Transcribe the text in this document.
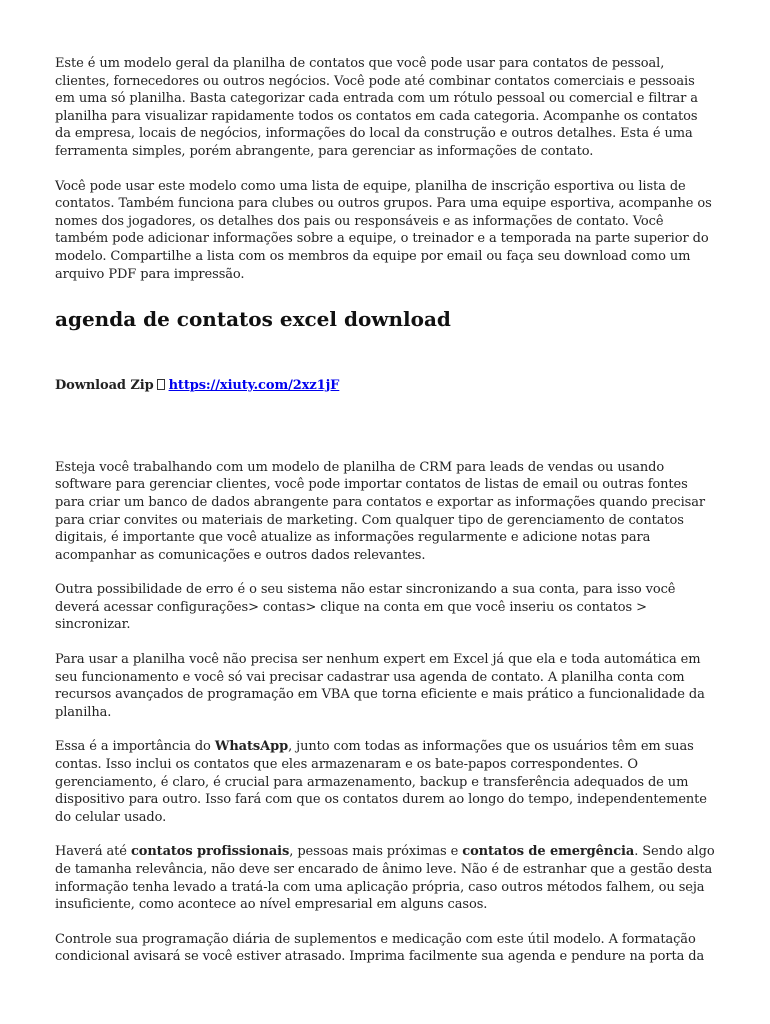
Este é um modelo geral da planilha de contatos que você pode usar para contatos de pessoal, clientes, fornecedores ou outros negócios. Você pode até combinar contatos comerciais e pessoais em uma só planilha. Basta categorizar cada entrada com um rótulo pessoal ou comercial e filtrar a planilha para visualizar rapidamente todos os contatos em cada categoria. Acompanhe os contatos da empresa, locais de negócios, informações do local da construção e outros detalhes. Esta é uma ferramenta simples, porém abrangente, para gerenciar as informações de contato.

Você pode usar este modelo como uma lista de equipe, planilha de inscrição esportiva ou lista de contatos. Também funciona para clubes ou outros grupos. Para uma equipe esportiva, acompanhe os nomes dos jogadores, os detalhes dos pais ou responsáveis e as informações de contato. Você também pode adicionar informações sobre a equipe, o treinador e a temporada na parte superior do modelo. Compartilhe a lista com os membros da equipe por email ou faça seu download como um arquivo PDF para impressão.

agenda de contatos excel download

Download Zip https://xiuty.com/2xz1jF

Esteja você trabalhando com um modelo de planilha de CRM para leads de vendas ou usando software para gerenciar clientes, você pode importar contatos de listas de email ou outras fontes para criar um banco de dados abrangente para contatos e exportar as informações quando precisar para criar convites ou materiais de marketing. Com qualquer tipo de gerenciamento de contatos digitais, é importante que você atualize as informações regularmente e adicione notas para acompanhar as comunicações e outros dados relevantes.

Outra possibilidade de erro é o seu sistema não estar sincronizando a sua conta, para isso você deverá acessar configurações> contas> clique na conta em que você inseriu os contatos > sincronizar.

Para usar a planilha você não precisa ser nenhum expert em Excel já que ela e toda automática em seu funcionamento e você só vai precisar cadastrar usa agenda de contato. A planilha conta com recursos avançados de programação em VBA que torna eficiente e mais prático a funcionalidade da planilha.

Essa é a importância do WhatsApp, junto com todas as informações que os usuários têm em suas contas. Isso inclui os contatos que eles armazenaram e os bate-papos correspondentes. O gerenciamento, é claro, é crucial para armazenamento, backup e transferência adequados de um dispositivo para outro. Isso fará com que os contatos durem ao longo do tempo, independentemente do celular usado.

Haverá até contatos profissionais, pessoas mais próximas e contatos de emergência. Sendo algo de tamanha relevância, não deve ser encarado de ânimo leve. Não é de estranhar que a gestão desta informação tenha levado a tratá-la com uma aplicação própria, caso outros métodos falhem, ou seja insuficiente, como acontece ao nível empresarial em alguns casos.

Controle sua programação diária de suplementos e medicação com este útil modelo. A formatação condicional avisará se você estiver atrasado. Imprima facilmente sua agenda e pendure na porta da
